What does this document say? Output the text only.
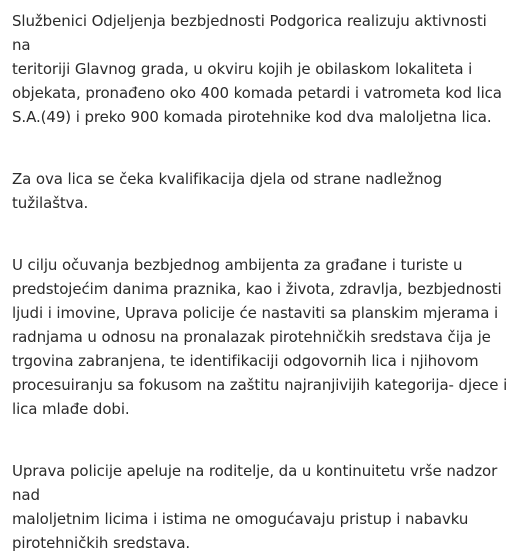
Službenici Odjeljenja bezbjednosti Podgorica realizuju aktivnosti na
teritoriji Glavnog grada, u okviru kojih je obilaskom lokaliteta i
objekata, pronađeno oko 400 komada petardi i vatrometa kod lica
S.A.(49) i preko 900 komada pirotehnike kod dva maloljetna lica.

Za ova lica se čeka kvalifikacija djela od strane nadležnog tužilaštva.

U cilju očuvanja bezbjednog ambijenta za građane i turiste u
predstojećim danima praznika, kao i života, zdravlja, bezbjednosti
ljudi i imovine, Uprava policije će nastaviti sa planskim mjerama i
radnjama u odnosu na pronalazak pirotehničkih sredstava čija je
trgovina zabranjena, te identifikaciji odgovornih lica i njihovom
procesuiranju sa fokusom na zaštitu najranjivijih kategorija- djece i
lica mlađe dobi.

Uprava policije apeluje na roditelje, da u kontinuitetu vrše nadzor nad
maloljetnim licima i istima ne omogućavaju pristup i nabavku
pirotehničkih sredstava.
